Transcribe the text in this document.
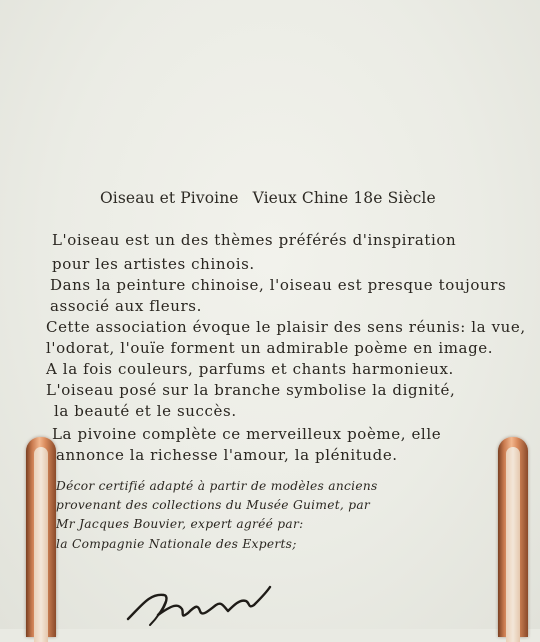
Oiseau et Pivoine Vieux Chine 18e Siècle
L'oiseau est un des thèmes préférés d'inspiration
pour les artistes chinois.
Dans la peinture chinoise, l'oiseau est presque toujours
associé aux fleurs.
Cette association évoque le plaisir des sens réunis: la vue,
l'odorat, l'ouïe forment un admirable poème en image.
A la fois couleurs, parfums et chants harmonieux.
L'oiseau posé sur la branche symbolise la dignité,
la beauté et le succès.
La pivoine complète ce merveilleux poème, elle
annonce la richesse l'amour, la plénitude.
Décor certifié adapté à partir de modèles anciens
provenant des collections du Musée Guimet, par
Mr Jacques Bouvier, expert agréé par:
la Compagnie Nationale des Experts;
